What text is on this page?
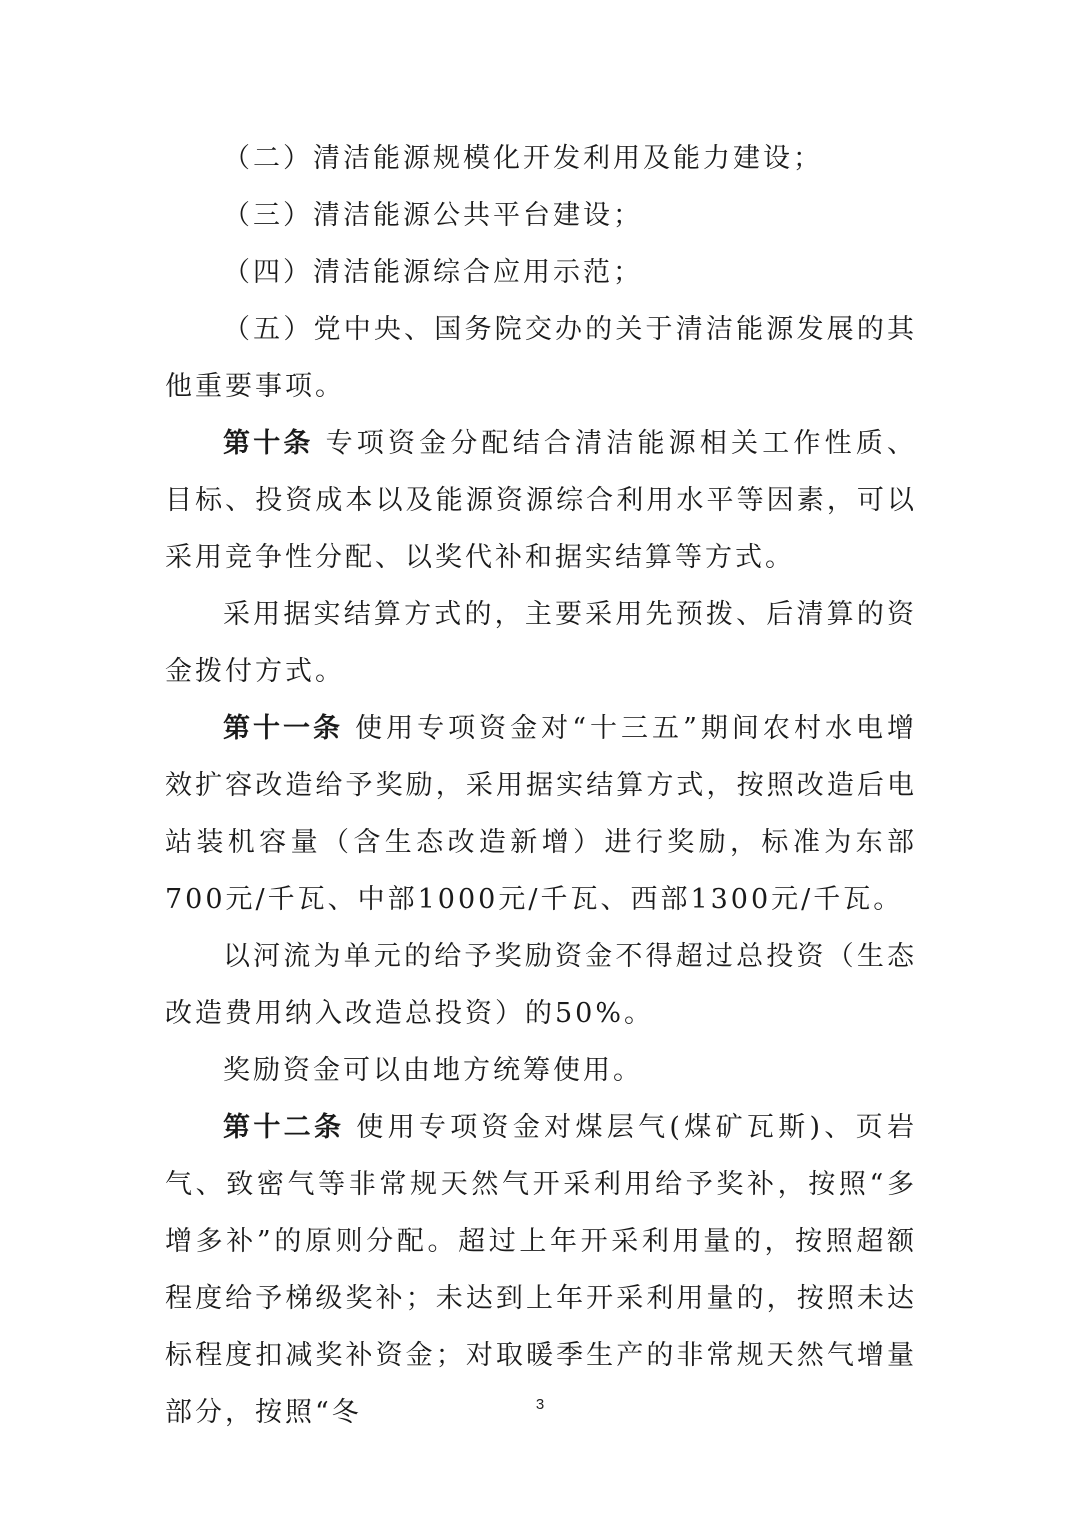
（二）清洁能源规模化开发利用及能力建设；

（三）清洁能源公共平台建设；

（四）清洁能源综合应用示范；

（五）党中央、国务院交办的关于清洁能源发展的其他重要事项。

第十条 专项资金分配结合清洁能源相关工作性质、目标、投资成本以及能源资源综合利用水平等因素，可以采用竞争性分配、以奖代补和据实结算等方式。

采用据实结算方式的，主要采用先预拨、后清算的资金拨付方式。

第十一条 使用专项资金对“十三五”期间农村水电增效扩容改造给予奖励，采用据实结算方式，按照改造后电站装机容量（含生态改造新增）进行奖励，标准为东部700元/千瓦、中部1000元/千瓦、西部1300元/千瓦。

以河流为单元的给予奖励资金不得超过总投资（生态改造费用纳入改造总投资）的50%。

奖励资金可以由地方统筹使用。

第十二条 使用专项资金对煤层气(煤矿瓦斯)、页岩气、致密气等非常规天然气开采利用给予奖补，按照“多增多补”的原则分配。超过上年开采利用量的，按照超额程度给予梯级奖补；未达到上年开采利用量的，按照未达标程度扣减奖补资金；对取暖季生产的非常规天然气增量部分，按照“冬	3
